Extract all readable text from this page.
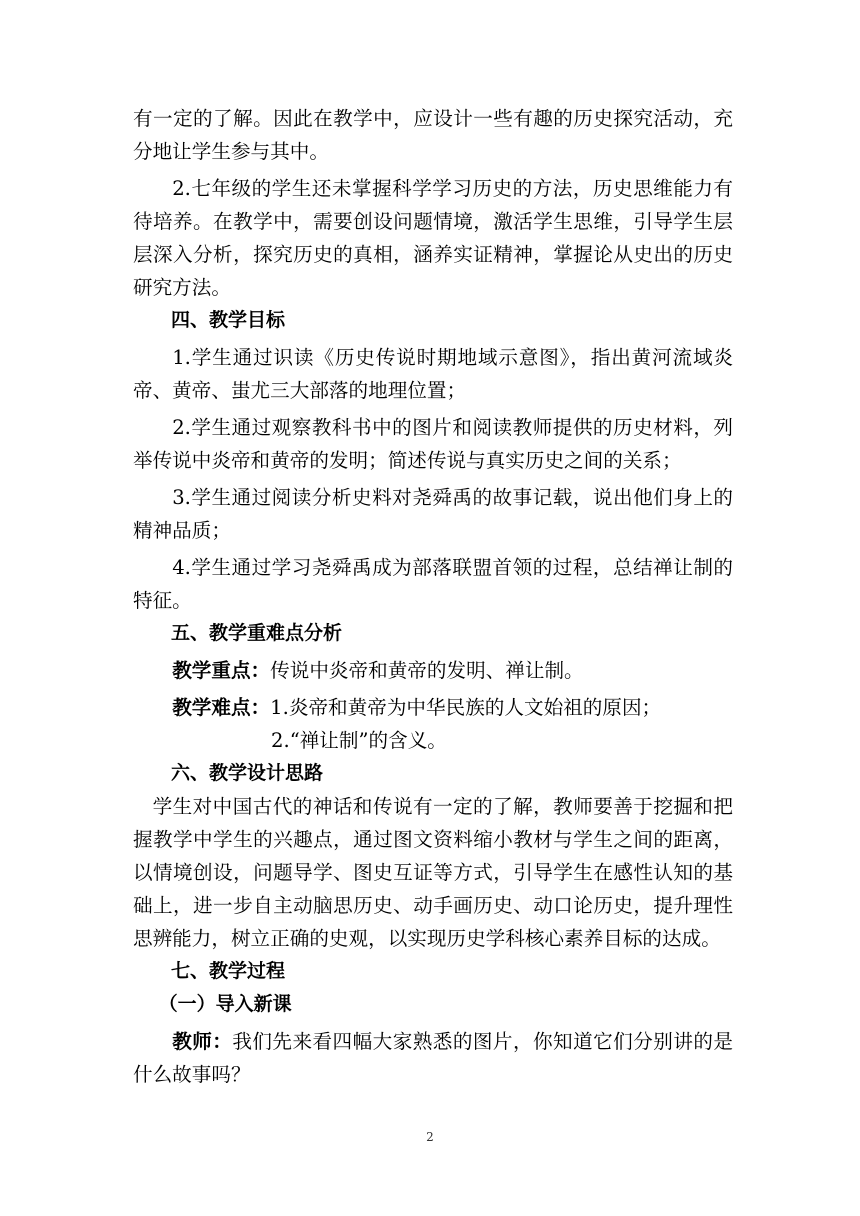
有一定的了解。因此在教学中，应设计一些有趣的历史探究活动，充分地让学生参与其中。

2.七年级的学生还未掌握科学学习历史的方法，历史思维能力有待培养。在教学中，需要创设问题情境，激活学生思维，引导学生层层深入分析，探究历史的真相，涵养实证精神，掌握论从史出的历史研究方法。

四、教学目标

1.学生通过识读《历史传说时期地域示意图》，指出黄河流域炎帝、黄帝、蚩尤三大部落的地理位置；

2.学生通过观察教科书中的图片和阅读教师提供的历史材料，列举传说中炎帝和黄帝的发明；简述传说与真实历史之间的关系；

3.学生通过阅读分析史料对尧舜禹的故事记载，说出他们身上的精神品质；

4.学生通过学习尧舜禹成为部落联盟首领的过程，总结禅让制的特征。

五、教学重难点分析

教学重点：传说中炎帝和黄帝的发明、禅让制。

教学难点：1.炎帝和黄帝为中华民族的人文始祖的原因；

2.“禅让制”的含义。

六、教学设计思路

学生对中国古代的神话和传说有一定的了解，教师要善于挖掘和把握教学中学生的兴趣点，通过图文资料缩小教材与学生之间的距离，以情境创设，问题导学、图史互证等方式，引导学生在感性认知的基础上，进一步自主动脑思历史、动手画历史、动口论历史，提升理性思辨能力，树立正确的史观，以实现历史学科核心素养目标的达成。

七、教学过程

（一）导入新课

教师：我们先来看四幅大家熟悉的图片，你知道它们分别讲的是什么故事吗？

2
